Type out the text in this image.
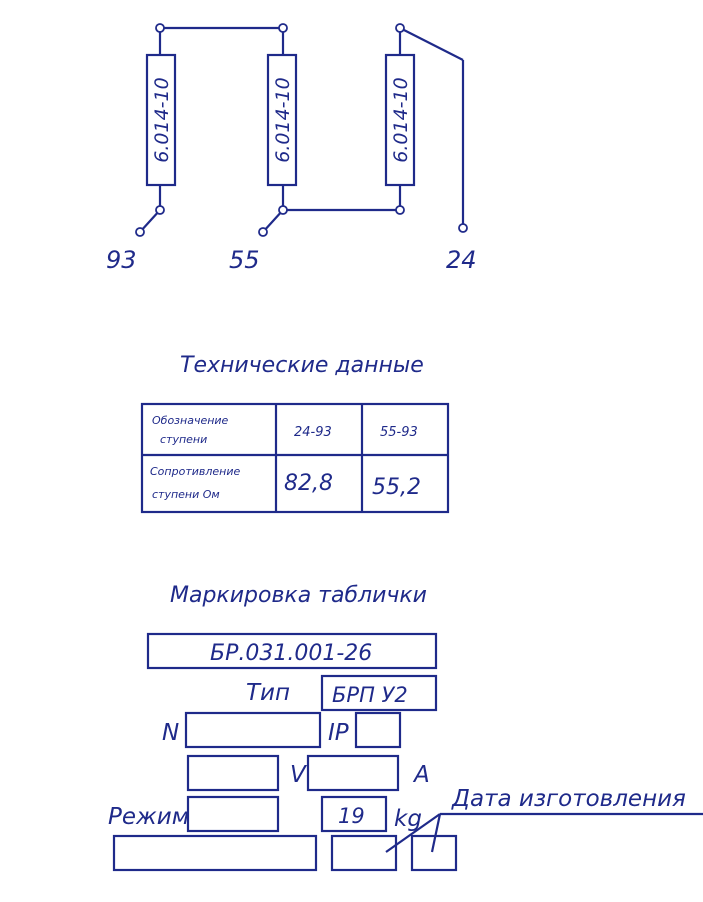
6.014-10	6.014-10	6.014-10
93	55	24
Технические данные
Обозначение
ступени	24-93	55-93
Сопротивление
ступени Ом	82,8 55,2
Маркировка таблички
БР.031.001-26
Тип БРП У2
N	IP
V	A
Режим	19 kg
Дата изготовления
